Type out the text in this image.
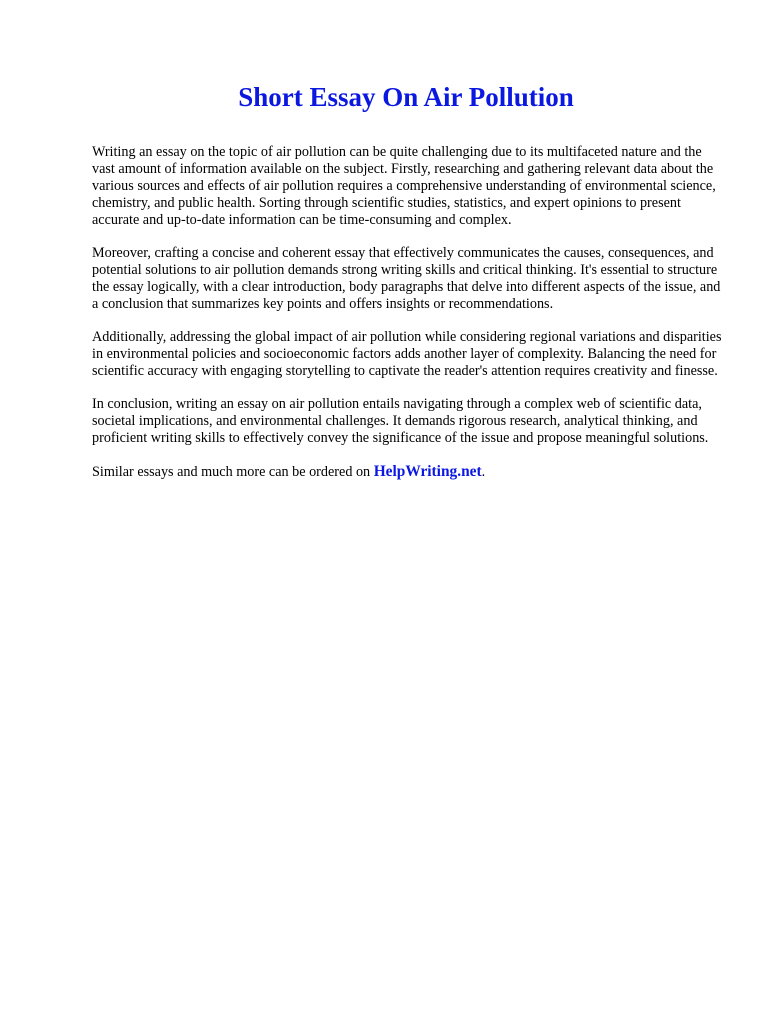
Short Essay On Air Pollution

Writing an essay on the topic of air pollution can be quite challenging due to its multifaceted nature and the vast amount of information available on the subject. Firstly, researching and gathering relevant data about the various sources and effects of air pollution requires a comprehensive understanding of environmental science, chemistry, and public health. Sorting through scientific studies, statistics, and expert opinions to present accurate and up-to-date information can be time-consuming and complex.

Moreover, crafting a concise and coherent essay that effectively communicates the causes, consequences, and potential solutions to air pollution demands strong writing skills and critical thinking. It's essential to structure the essay logically, with a clear introduction, body paragraphs that delve into different aspects of the issue, and a conclusion that summarizes key points and offers insights or recommendations.

Additionally, addressing the global impact of air pollution while considering regional variations and disparities in environmental policies and socioeconomic factors adds another layer of complexity. Balancing the need for scientific accuracy with engaging storytelling to captivate the reader's attention requires creativity and finesse.

In conclusion, writing an essay on air pollution entails navigating through a complex web of scientific data, societal implications, and environmental challenges. It demands rigorous research, analytical thinking, and proficient writing skills to effectively convey the significance of the issue and propose meaningful solutions.

Similar essays and much more can be ordered on HelpWriting.net.
